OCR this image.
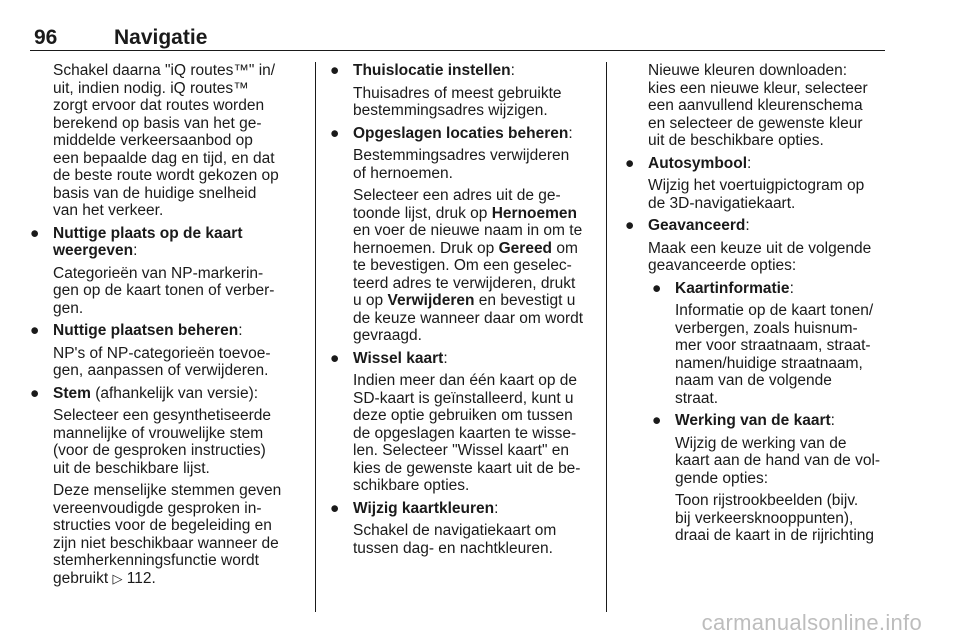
96	Navigatie

Schakel daarna "iQ routes™" in/
uit, indien nodig. iQ routes™
zorgt ervoor dat routes worden
berekend op basis van het ge-
middelde verkeersaanbod op
een bepaalde dag en tijd, en dat
de beste route wordt gekozen op
basis van de huidige snelheid
van het verkeer.

● Nuttige plaats op de kaart
weergeven:

Categorieën van NP-markerin-
gen op de kaart tonen of verber-
gen.

● Nuttige plaatsen beheren:

NP's of NP-categorieën toevoe-
gen, aanpassen of verwijderen.

● Stem (afhankelijk van versie):

Selecteer een gesynthetiseerde
mannelijke of vrouwelijke stem
(voor de gesproken instructies)
uit de beschikbare lijst.

Deze menselijke stemmen geven
vereenvoudigde gesproken in-
structies voor de begeleiding en
zijn niet beschikbaar wanneer de
stemherkenningsfunctie wordt
gebruikt ▷ 112.

● Thuislocatie instellen:

Thuisadres of meest gebruikte
bestemmingsadres wijzigen.

● Opgeslagen locaties beheren:

Bestemmingsadres verwijderen
of hernoemen.

Selecteer een adres uit de ge-
toonde lijst, druk op Hernoemen
en voer de nieuwe naam in om te
hernoemen. Druk op Gereed om
te bevestigen. Om een geselec-
teerd adres te verwijderen, drukt
u op Verwijderen en bevestigt u
de keuze wanneer daar om wordt
gevraagd.

● Wissel kaart:

Indien meer dan één kaart op de
SD-kaart is geïnstalleerd, kunt u
deze optie gebruiken om tussen
de opgeslagen kaarten te wisse-
len. Selecteer "Wissel kaart" en
kies de gewenste kaart uit de be-
schikbare opties.

● Wijzig kaartkleuren:

Schakel de navigatiekaart om
tussen dag- en nachtkleuren.

Nieuwe kleuren downloaden:
kies een nieuwe kleur, selecteer
een aanvullend kleurenschema
en selecteer de gewenste kleur
uit de beschikbare opties.

● Autosymbool:

Wijzig het voertuigpictogram op
de 3D-navigatiekaart.

● Geavanceerd:

Maak een keuze uit de volgende
geavanceerde opties:

● Kaartinformatie:

Informatie op de kaart tonen/
verbergen, zoals huisnum-
mer voor straatnaam, straat-
namen/huidige straatnaam,
naam van de volgende
straat.

● Werking van de kaart:

Wijzig de werking van de
kaart aan de hand van de vol-
gende opties:

Toon rijstrookbeelden (bijv.
bij verkeersknooppunten),
draai de kaart in de rijrichting

carmanualsonline.info
